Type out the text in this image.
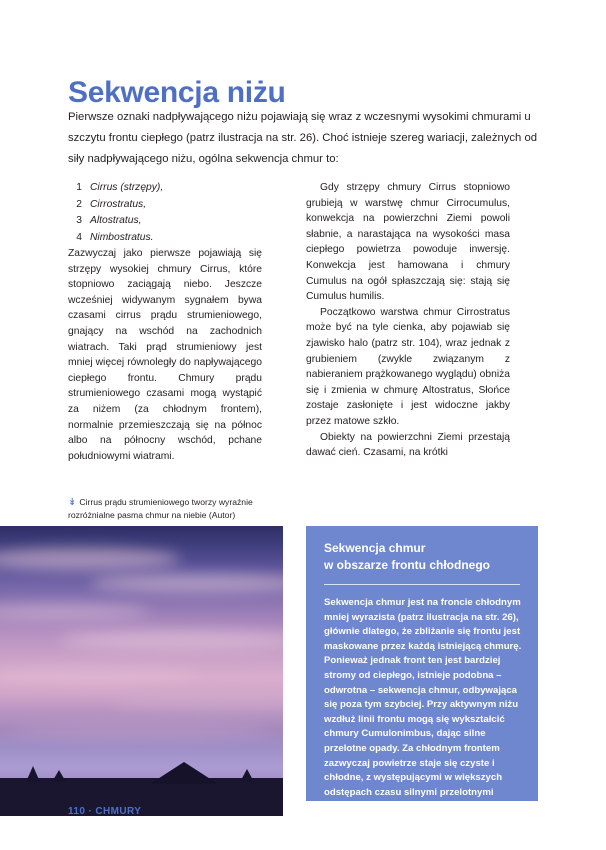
Sekwencja niżu
Pierwsze oznaki nadpływającego niżu pojawiają się wraz z wczesnymi wysokimi chmurami u szczytu frontu ciepłego (patrz ilustracja na str. 26). Choć istnieje szereg wariacji, zależnych od siły nadpływającego niżu, ogólna sekwencja chmur to:
1 Cirrus (strzępy),
2 Cirrostratus,
3 Altostratus,
4 Nimbostratus.

Zazwyczaj jako pierwsze pojawiają się strzępy wysokiej chmury Cirrus, które stopniowo zaciągają niebo. Jeszcze wcześniej widywanym sygnałem bywa czasami cirrus prądu strumieniowego, gnający na wschód na zachodnich wiatrach. Taki prąd strumieniowy jest mniej więcej równoległy do napływającego ciepłego frontu. Chmury prądu strumieniowego czasami mogą wystąpić za niżem (za chłodnym frontem), normalnie przemieszczają się na północ albo na północny wschód, pchane południowymi wiatrami.

Gdy strzępy chmury Cirrus stopniowo grubieją w warstwę chmur Cirrocumulus, konwekcja na powierzchni Ziemi powoli słabnie, a narastająca na wysokości masa ciepłego powietrza powoduje inwersję. Konwekcja jest hamowana i chmury Cumulus na ogół spłaszczają się: stają się Cumulus humilis.

Początkowo warstwa chmur Cirrostratus może być na tyle cienka, aby pojawiab się zjawisko halo (patrz str. 104), wraz jednak z grubieniem (zwykle związanym z nabieraniem prążkowanego wyglądu) obniża się i zmienia w chmurę Altostratus, Słońce zostaje zasłonięte i jest widoczne jakby przez matowe szkło.

Obiekty na powierzchni Ziemi przestają dawać cień. Czasami, na krótki

↡ Cirrus prądu strumieniowego tworzy wyraźnie rozróżnialne pasma chmur na niebie (Autor)
Sekwencja chmur
w obszarze frontu chłodnego
Sekwencja chmur jest na froncie chłodnym mniej wyrazista (patrz ilustracja na str. 26), głównie dlatego, że zbliżanie się frontu jest maskowane przez każdą istniejącą chmurę. Ponieważ jednak front ten jest bardziej stromy od ciepłego, istnieje podobna – odwrotna – sekwencja chmur, odbywająca się poza tym szybciej. Przy aktywnym niżu wzdłuż linii frontu mogą się wykształcić chmury Cumulonimbus, dając silne przelotne opady. Za chłodnym frontem zazwyczaj powietrze staje się czyste i chłodne, z występującymi w większych odstępach czasu silnymi przelotnymi opadami.
110 · CHMURY
